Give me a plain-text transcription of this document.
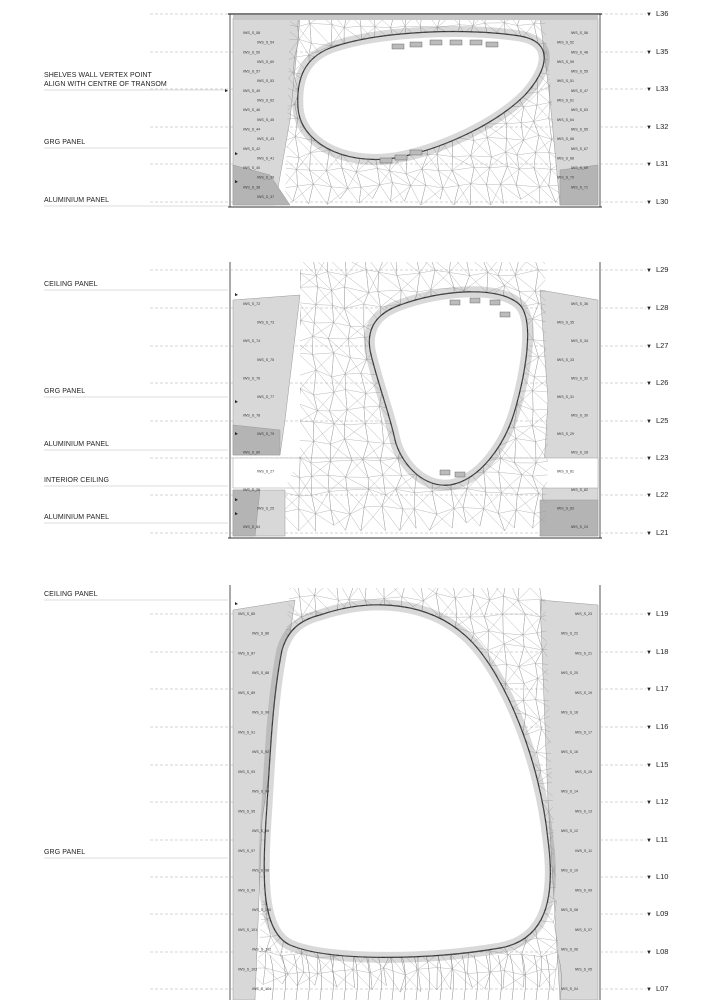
IWS_S_58	IWS_S_56
IWS_S_54	IWS_S_52
IWS_S_50	IWS_S_48
IWS_S_60	IWS_S_59
IWS_S_57	IWS_S_55
IWS_S_53	IWS_S_51
IWS_S_49	IWS_S_47
IWS_S_62	IWS_S_61
IWS_S_46	IWS_S_63
IWS_S_45	IWS_S_64
IWS_S_44	IWS_S_65
IWS_S_43	IWS_S_66
IWS_S_42	IWS_S_67
IWS_S_41	IWS_S_68
IWS_S_40	IWS_S_69
IWS_S_39	IWS_S_70
IWS_S_38	IWS_S_71
IWS_S_37
IWS_S_72	IWS_S_36
IWS_S_73	IWS_S_35
IWS_S_74	IWS_S_34
IWS_S_75	IWS_S_33
IWS_S_76	IWS_S_32
IWS_S_77	IWS_S_31
IWS_S_78	IWS_S_30
IWS_S_79	IWS_S_29
IWS_S_80	IWS_S_28
IWS_S_27	IWS_S_81
IWS_S_26	IWS_S_82
IWS_S_25	IWS_S_83
IWS_S_84	IWS_S_24
IWS_S_85	IWS_S_23
IWS_S_86	IWS_S_22
IWS_S_87	IWS_S_21
IWS_S_88	IWS_S_20
IWS_S_89	IWS_S_19
IWS_S_90	IWS_S_18
IWS_S_91	IWS_S_17
IWS_S_92	IWS_S_16
IWS_S_93	IWS_S_15
IWS_S_94	IWS_S_14
IWS_S_95	IWS_S_13
IWS_S_96	IWS_S_12
IWS_S_97	IWS_S_11
IWS_S_98	IWS_S_10
IWS_S_99	IWS_S_09
IWS_S_100	IWS_S_08
IWS_S_101	IWS_S_07
IWS_S_102	IWS_S_06
IWS_S_103	IWS_S_05
IWS_S_104	IWS_S_04
▼ L36
▼ L35
▼ L33
▼ L32
▼ L31
▼ L30
SHELVES WALL VERTEX POINT
ALIGN WITH CENTRE OF TRANSOM
GRG PANEL
ALUMINIUM PANEL
▼ L29
▼ L28
▼ L27
▼ L26
▼ L25
▼ L23
▼ L22
▼ L21
CEILING PANEL
GRG PANEL
ALUMINIUM PANEL
INTERIOR CEILING
ALUMINIUM PANEL
▼ L19
▼ L18
▼ L17
▼ L16
▼ L15
▼ L12
▼ L11
▼ L10
▼ L09
▼ L08
▼ L07
CEILING PANEL
GRG PANEL
